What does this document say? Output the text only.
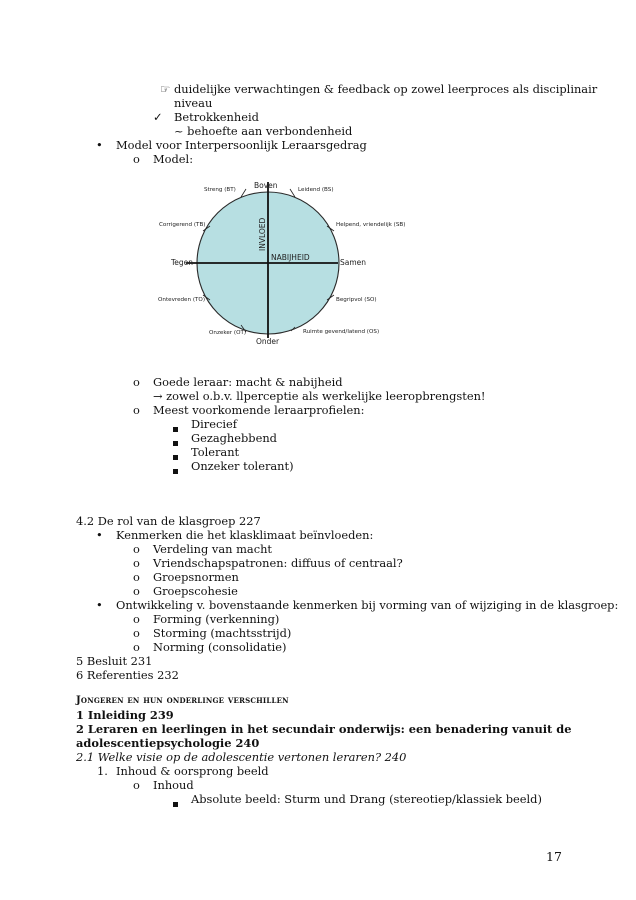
☞ duidelijke verwachtingen & feedback op zowel leerproces als disciplinair
niveau
✓ Betrokkenheid
~ behoefte aan verbondenheid
• Model voor Interpersoonlijk Leraarsgedrag
o Model:
Boven
Onder
Tegen	Samen
INVLOED
NABIJHEID
Leidend (BS)
Helpend, vriendelijk (SB)
Begripvol (SO)
Ruimte gevend/latend (OS)
Onzeker (OT)
Ontevreden (TO)
Corrigerend (TB)
Streng (BT)
o Goede leraar: macht & nabijheid
→ zowel o.b.v. llperceptie als werkelijke leeropbrengsten!
o Meest voorkomende leraarprofielen:
Direcief
Gezaghebbend
Tolerant
Onzeker tolerant)
4.2 De rol van de klasgroep 227
• Kenmerken die het klasklimaat beïnvloeden:
o Verdeling van macht
o Vriendschapspatronen: diffuus of centraal?
o Groepsnormen
o Groepscohesie
• Ontwikkeling v. bovenstaande kenmerken bij vorming van of wijziging in de klasgroep:
o Forming (verkenning)
o Storming (machtsstrijd)
o Norming (consolidatie)
5 Besluit 231
6 Referenties 232
Jongeren en hun onderlinge verschillen
1 Inleiding 239
2 Leraren en leerlingen in het secundair onderwijs: een benadering vanuit de
adolescentiepsychologie 240
2.1 Welke visie op de adolescentie vertonen leraren? 240
1. Inhoud & oorsprong beeld
o Inhoud
Absolute beeld: Sturm und Drang (stereotiep/klassiek beeld)
17
